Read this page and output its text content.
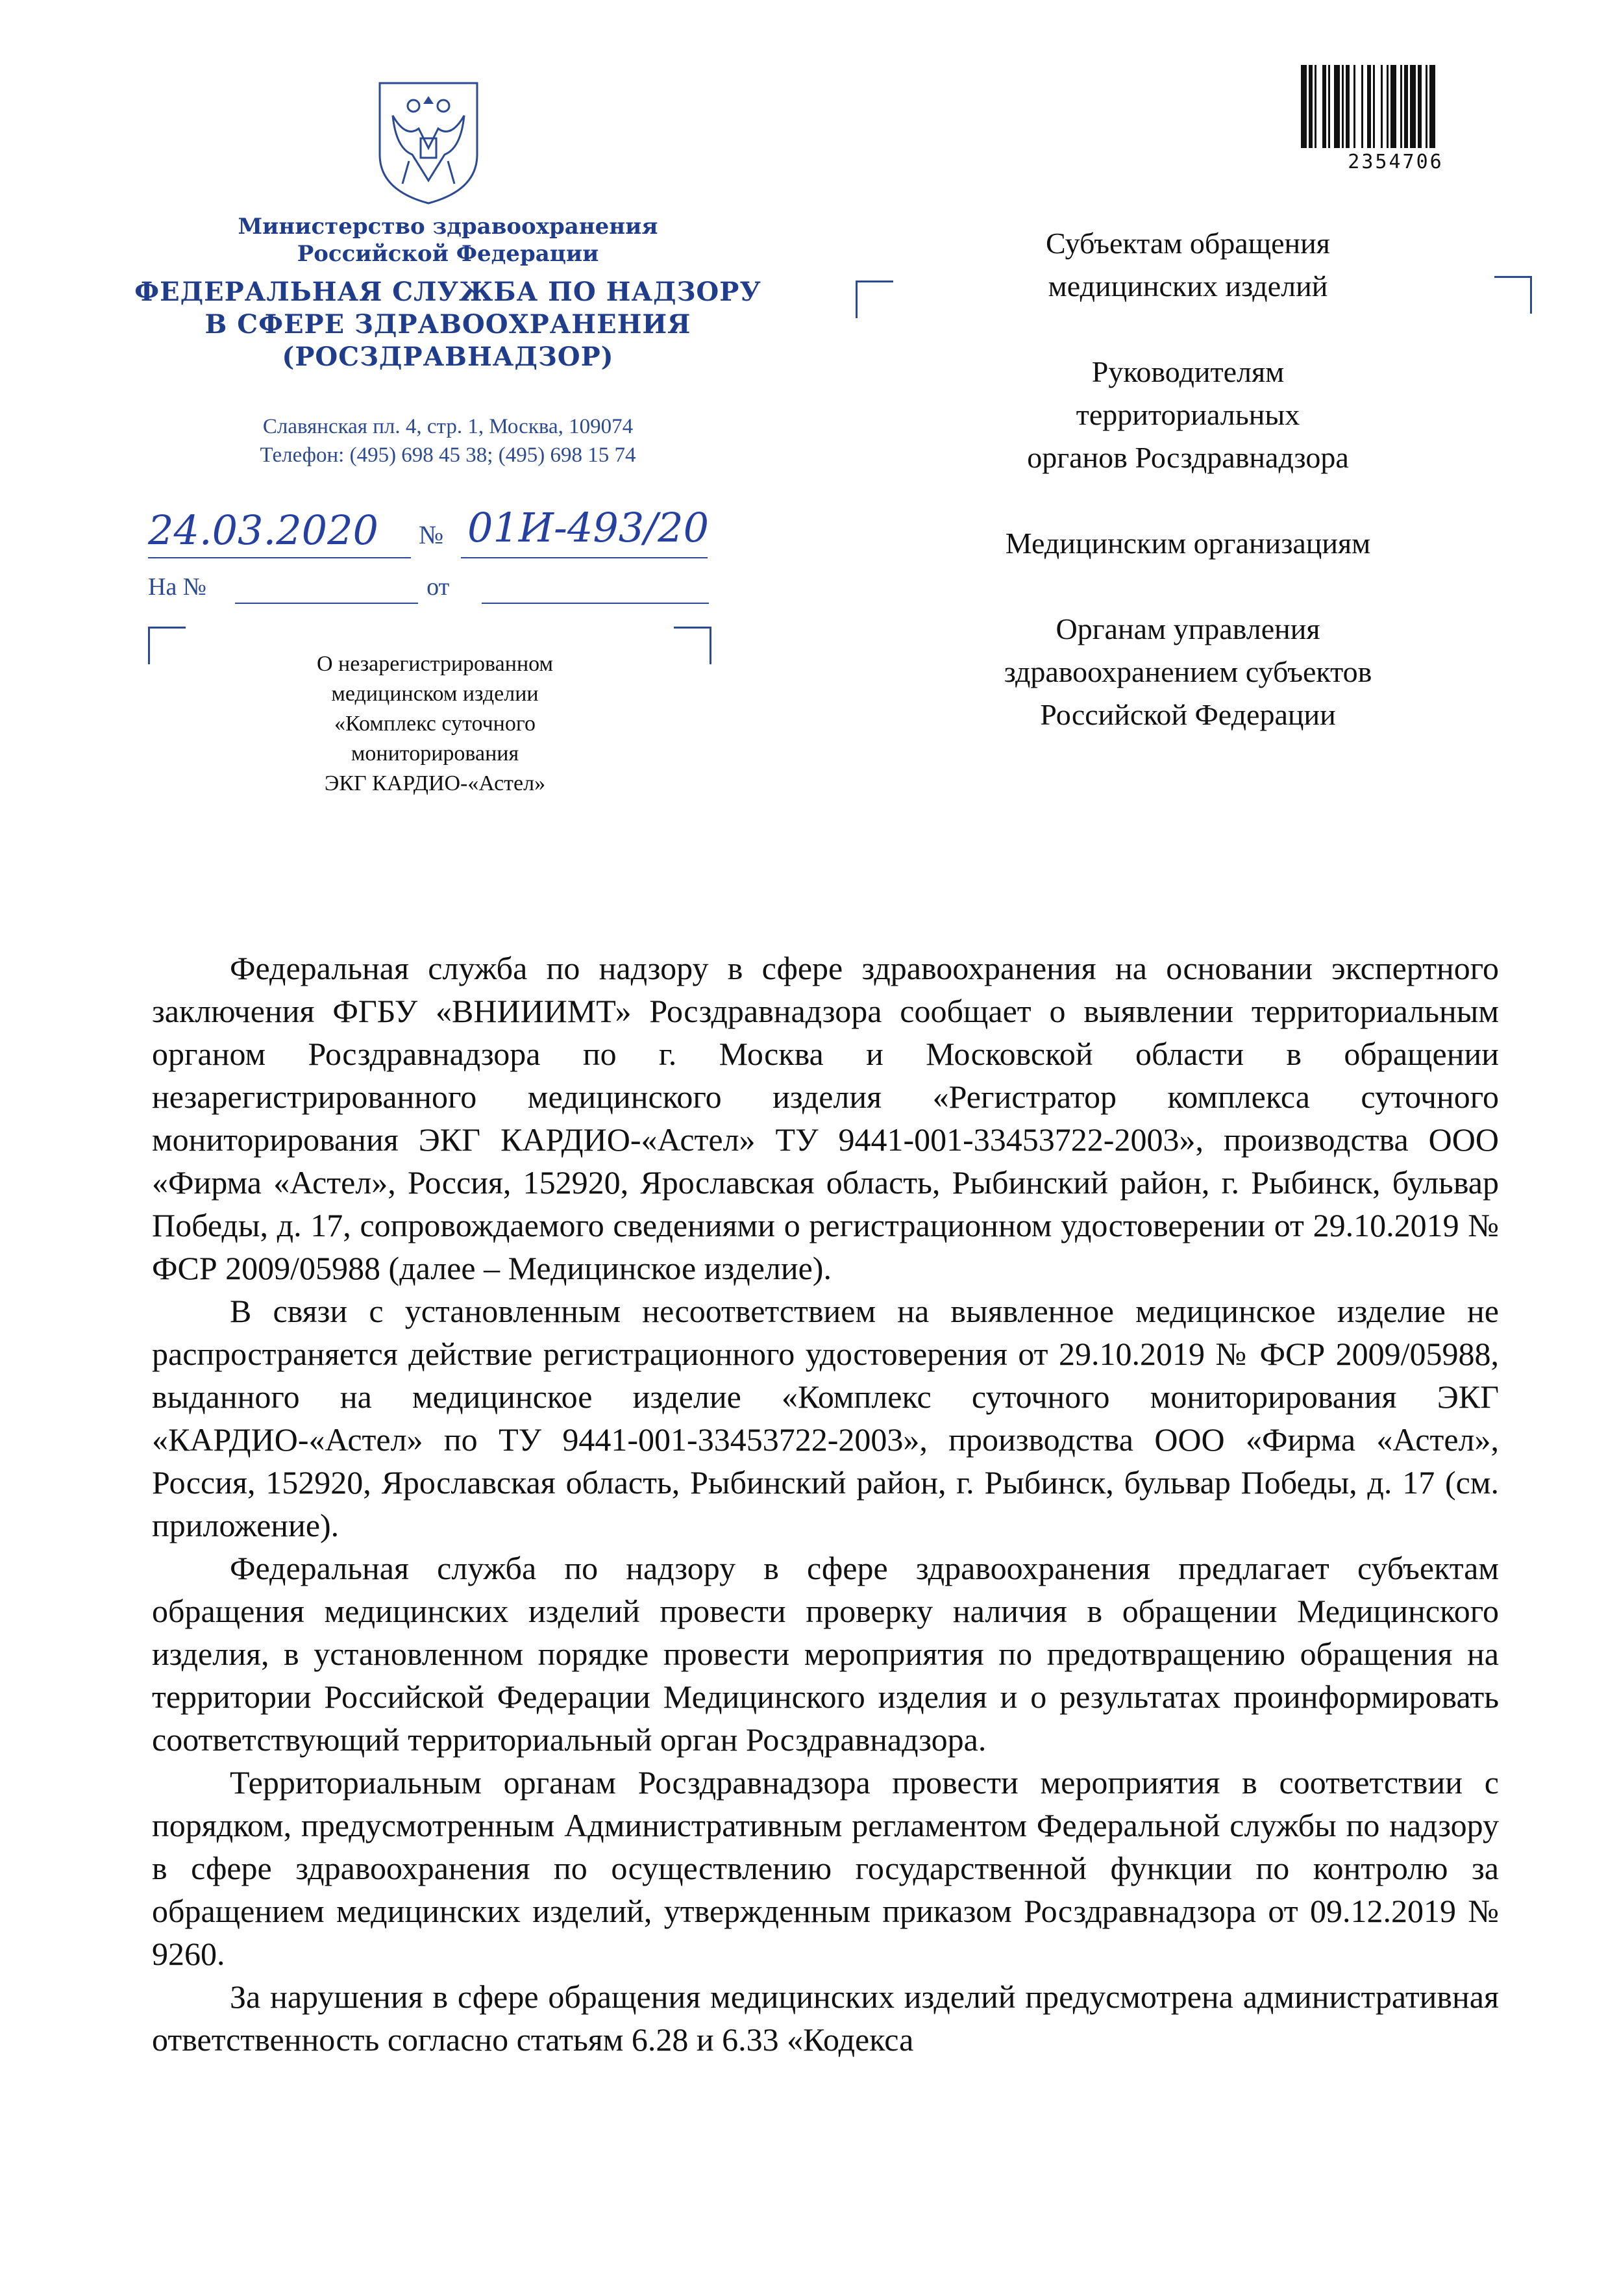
Министерство здравоохранения
Российской Федерации
ФЕДЕРАЛЬНАЯ СЛУЖБА ПО НАДЗОРУ
В СФЕРЕ ЗДРАВООХРАНЕНИЯ
(РОСЗДРАВНАДЗОР)
Славянская пл. 4, стр. 1, Москва, 109074
Телефон: (495) 698 45 38; (495) 698 15 74
24.03.2020 № 01И-493/20
На №	от
О незарегистрированном
медицинском изделии
«Комплекс суточного
мониторирования
ЭКГ КАРДИО-«Астел»
2354706
Субъектам обращения
медицинских изделий
Руководителям
территориальных
органов Росздравнадзора
Медицинским организациям
Органам управления
здравоохранением субъектов
Российской Федерации

Федеральная служба по надзору в сфере здравоохранения на основании экспертного заключения ФГБУ «ВНИИИМТ» Росздравнадзора сообщает о выявлении территориальным органом Росздравнадзора по г. Москва и Московской области в обращении незарегистрированного медицинского изделия «Регистратор комплекса суточного мониторирования ЭКГ КАРДИО-«Астел» ТУ 9441-001-33453722-2003», производства ООО «Фирма «Астел», Россия, 152920, Ярославская область, Рыбинский район, г. Рыбинск, бульвар Победы, д. 17, сопровождаемого сведениями о регистрационном удостоверении от 29.10.2019 № ФСР 2009/05988 (далее – Медицинское изделие).

В связи с установленным несоответствием на выявленное медицинское изделие не распространяется действие регистрационного удостоверения от 29.10.2019 № ФСР 2009/05988, выданного на медицинское изделие «Комплекс суточного мониторирования ЭКГ «КАРДИО-«Астел» по ТУ 9441-001-33453722-2003», производства ООО «Фирма «Астел», Россия, 152920, Ярославская область, Рыбинский район, г. Рыбинск, бульвар Победы, д. 17 (см. приложение).

Федеральная служба по надзору в сфере здравоохранения предлагает субъектам обращения медицинских изделий провести проверку наличия в обращении Медицинского изделия, в установленном порядке провести мероприятия по предотвращению обращения на территории Российской Федерации Медицинского изделия и о результатах проинформировать соответствующий территориальный орган Росздравнадзора.

Территориальным органам Росздравнадзора провести мероприятия в соответствии с порядком, предусмотренным Административным регламентом Федеральной службы по надзору в сфере здравоохранения по осуществлению государственной функции по контролю за обращением медицинских изделий, утвержденным приказом Росздравнадзора от 09.12.2019 № 9260.

За нарушения в сфере обращения медицинских изделий предусмотрена административная ответственность согласно статьям 6.28 и 6.33 «Кодекса
